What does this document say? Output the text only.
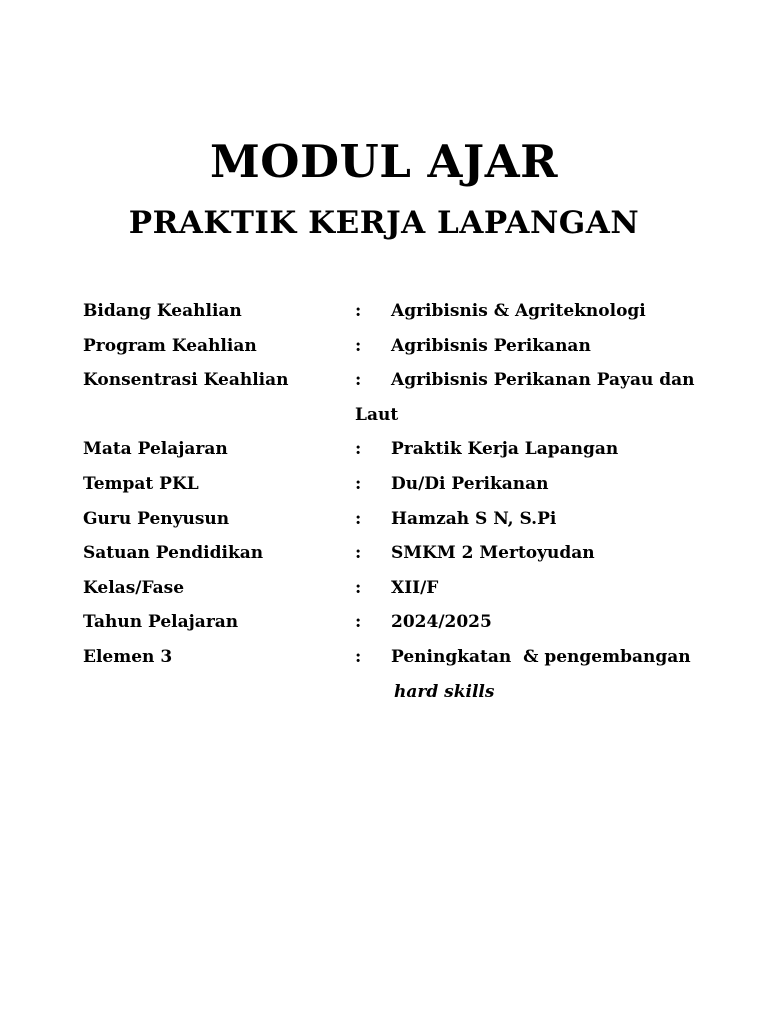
MODUL AJAR
PRAKTIK KERJA LAPANGAN
Bidang Keahlian	: Agribisnis & Agriteknologi
Program Keahlian	: Agribisnis Perikanan
Konsentrasi Keahlian	: Agribisnis Perikanan Payau dan
Laut
Mata Pelajaran	: Praktik Kerja Lapangan
Tempat PKL	: Du/Di Perikanan
Guru Penyusun	: Hamzah S N, S.Pi
Satuan Pendidikan	: SMKM 2 Mertoyudan
Kelas/Fase	: XII/F
Tahun Pelajaran	: 2024/2025
Elemen 3	: Peningkatan  & pengembangan
hard skills
